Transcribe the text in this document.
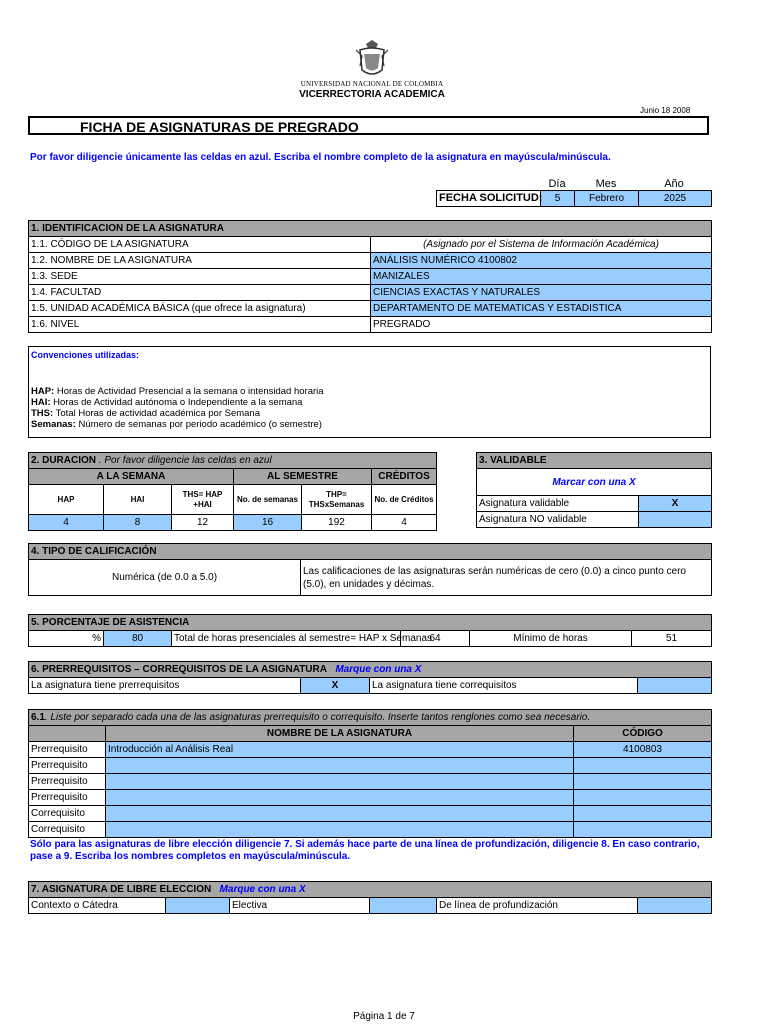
UNIVERSIDAD NACIONAL DE COLOMBIA
VICERRECTORIA ACADEMICA
Junio 18 2008
FICHA DE ASIGNATURAS DE PREGRADO
Por favor diligencie únicamente las celdas en azul. Escriba el nombre completo de la asignatura en mayúscula/minúscula.
Día	Mes	Año
FECHA SOLICITUD:	5	Febrero	2025
1. IDENTIFICACION DE LA ASIGNATURA	
1.1. CÓDIGO DE LA ASIGNATURA	(Asignado por el Sistema de Información Académica)
1.2. NOMBRE DE LA ASIGNATURA	ANÁLISIS NUMÉRICO 4100802
1.3. SEDE	MANIZALES
1.4. FACULTAD	CIENCIAS EXACTAS Y NATURALES
1.5. UNIDAD ACADÉMICA BÁSICA (que ofrece la asignatura)	DEPARTAMENTO DE MATEMATICAS Y ESTADISTICA
1.6. NIVEL	PREGRADO
Convenciones utilizadas:
HAP: Horas de Actividad Presencial a la semana o intensidad horaria
HAI: Horas de Actividad autónoma o Independiente a la semana
THS: Total Horas de actividad académica por Semana
Semanas: Número de semanas por periodo académico (o semestre)
2. DURACION . Por favor diligencie las celdas en azul					
A LA SEMANA			AL SEMESTRE		CRÉDITOS
HAP	HAI	THS= HAP +HAI	No. de semanas	THP= THSxSemanas	No. de Créditos
4	8	12	16	192	4
3. VALIDABLE	
Marcar con una X	
Asignatura validable	X
Asignatura NO validable	
4. TIPO DE CALIFICACIÓN
Numérica (de 0.0 a 5.0)	Las calificaciones de las asignaturas serán numéricas de cero (0.0) a cinco punto cero (5.0), en unidades y décimas.
5. PORCENTAJE DE ASISTENCIA
%	80	Total de horas presenciales al semestre= HAP x Semanas	64	Mínimo de horas	51
6. PRERREQUISITOS – CORREQUISITOS DE LA ASIGNATURA Marque con una X
La asignatura tiene prerrequisitos	X	La asignatura tiene correquisitos	
6.1. Liste por separado cada una de las asignaturas prerrequisito o correquisito. Inserte tantos renglones como sea necesario.		
	NOMBRE DE LA ASIGNATURA	CÓDIGO
Prerrequisito	Introducción al Análisis Real	4100803
Prerrequisito		
Prerrequisito		
Prerrequisito		
Correquisito		
Correquisito		
Sólo para las asignaturas de libre elección diligencie 7. Si además hace parte de una línea de profundización, diligencie 8. En caso contrario, pase a 9. Escriba los nombres completos en mayúscula/minúscula.
7. ASIGNATURA DE LIBRE ELECCION Marque con una X
Contexto o Cátedra		Electiva		De línea de profundización	
Página 1 de 7
